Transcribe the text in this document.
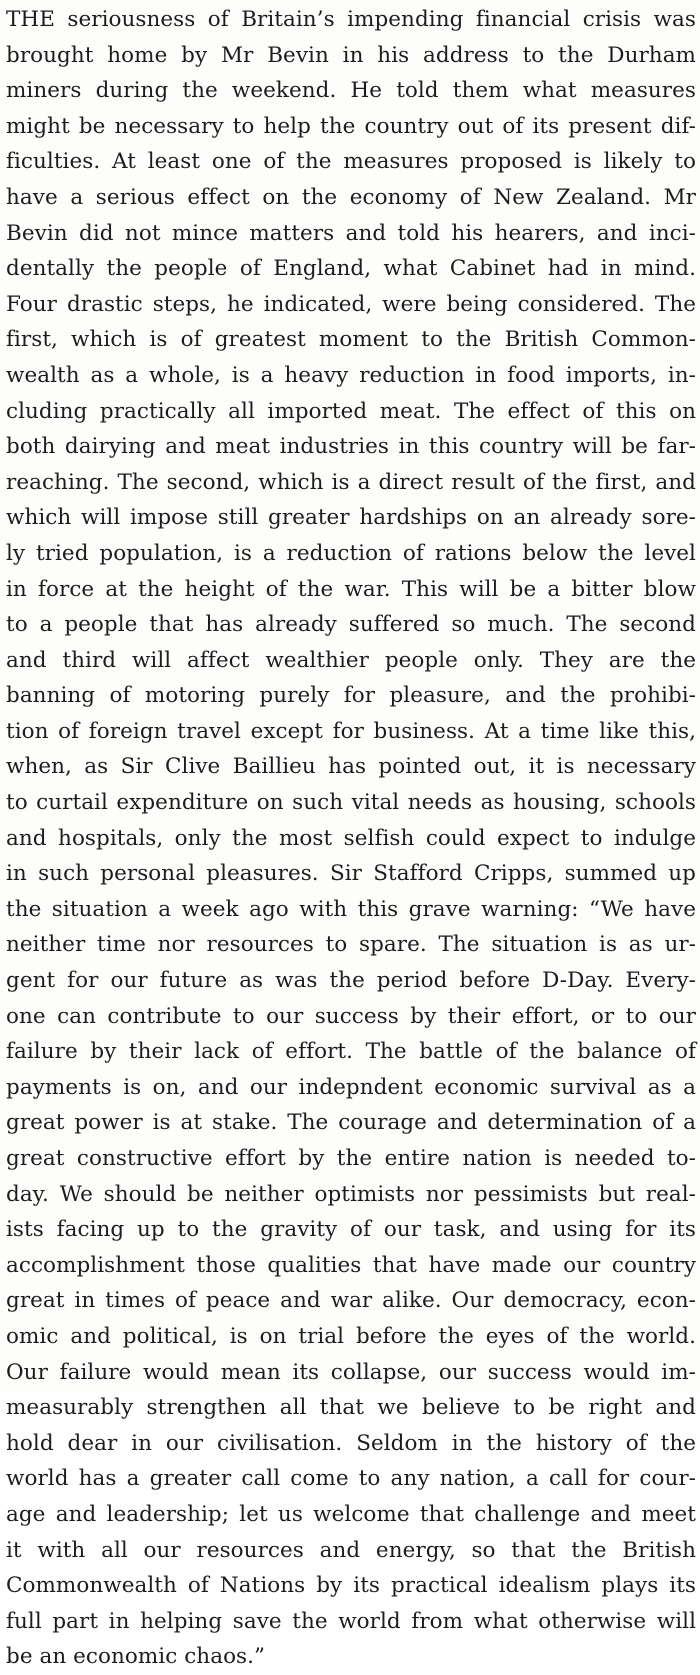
THE seriousness of Britain’s impending financial crisis was
brought home by Mr Bevin in his address to the Durham
miners during the weekend. He told them what measures
might be necessary to help the country out of its present dif-
ficulties. At least one of the measures proposed is likely to
have a serious effect on the economy of New Zealand. Mr
Bevin did not mince matters and told his hearers, and inci-
dentally the people of England, what Cabinet had in mind.
Four drastic steps, he indicated, were being considered. The
first, which is of greatest moment to the British Common-
wealth as a whole, is a heavy reduction in food imports, in-
cluding practically all imported meat. The effect of this on
both dairying and meat industries in this country will be far-
reaching. The second, which is a direct result of the first, and
which will impose still greater hardships on an already sore-
ly tried population, is a reduction of rations below the level
in force at the height of the war. This will be a bitter blow
to a people that has already suffered so much. The second
and third will affect wealthier people only. They are the
banning of motoring purely for pleasure, and the prohibi-
tion of foreign travel except for business. At a time like this,
when, as Sir Clive Baillieu has pointed out, it is necessary
to curtail expenditure on such vital needs as housing, schools
and hospitals, only the most selfish could expect to indulge
in such personal pleasures. Sir Stafford Cripps, summed up
the situation a week ago with this grave warning: “We have
neither time nor resources to spare. The situation is as ur-
gent for our future as was the period before D-Day. Every-
one can contribute to our success by their effort, or to our
failure by their lack of effort. The battle of the balance of
payments is on, and our indepndent economic survival as a
great power is at stake. The courage and determination of a
great constructive effort by the entire nation is needed to-
day. We should be neither optimists nor pessimists but real-
ists facing up to the gravity of our task, and using for its
accomplishment those qualities that have made our country
great in times of peace and war alike. Our democracy, econ-
omic and political, is on trial before the eyes of the world.
Our failure would mean its collapse, our success would im-
measurably strengthen all that we believe to be right and
hold dear in our civilisation. Seldom in the history of the
world has a greater call come to any nation, a call for cour-
age and leadership; let us welcome that challenge and meet
it with all our resources and energy, so that the British
Commonwealth of Nations by its practical idealism plays its
full part in helping save the world from what otherwise will
be an economic chaos.”
